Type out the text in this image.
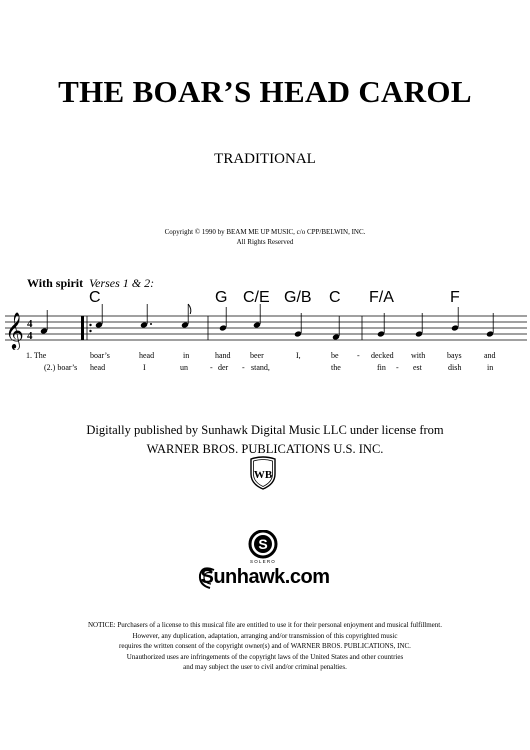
THE BOAR’S HEAD CAROL
TRADITIONAL
Copyright © 1990 by BEAM ME UP MUSIC, c/o CPP/BELWIN, INC.
All Rights Reserved
With spirit Verses 1 & 2:
C	G C/E G/B C F/A	F
𝄞 4
4
1. The	boar’s	head	in	hand beer	I,	be - decked with	bays	and
(2.) boar’s head	I	un	- der - stand,	the	fin - est	dish	in
Digitally published by Sunhawk Digital Music LLC under license from
WARNER BROS. PUBLICATIONS U.S. INC.
WB
S
SOLERO
Sunhawk.com
NOTICE: Purchasers of a license to this musical file are entitled to use it for their personal enjoyment and musical fulfillment.
However, any duplication, adaptation, arranging and/or transmission of this copyrighted music
requires the written consent of the copyright owner(s) and of WARNER BROS. PUBLICATIONS, INC.
Unauthorized uses are infringements of the copyright laws of the United States and other countries
and may subject the user to civil and/or criminal penalties.
